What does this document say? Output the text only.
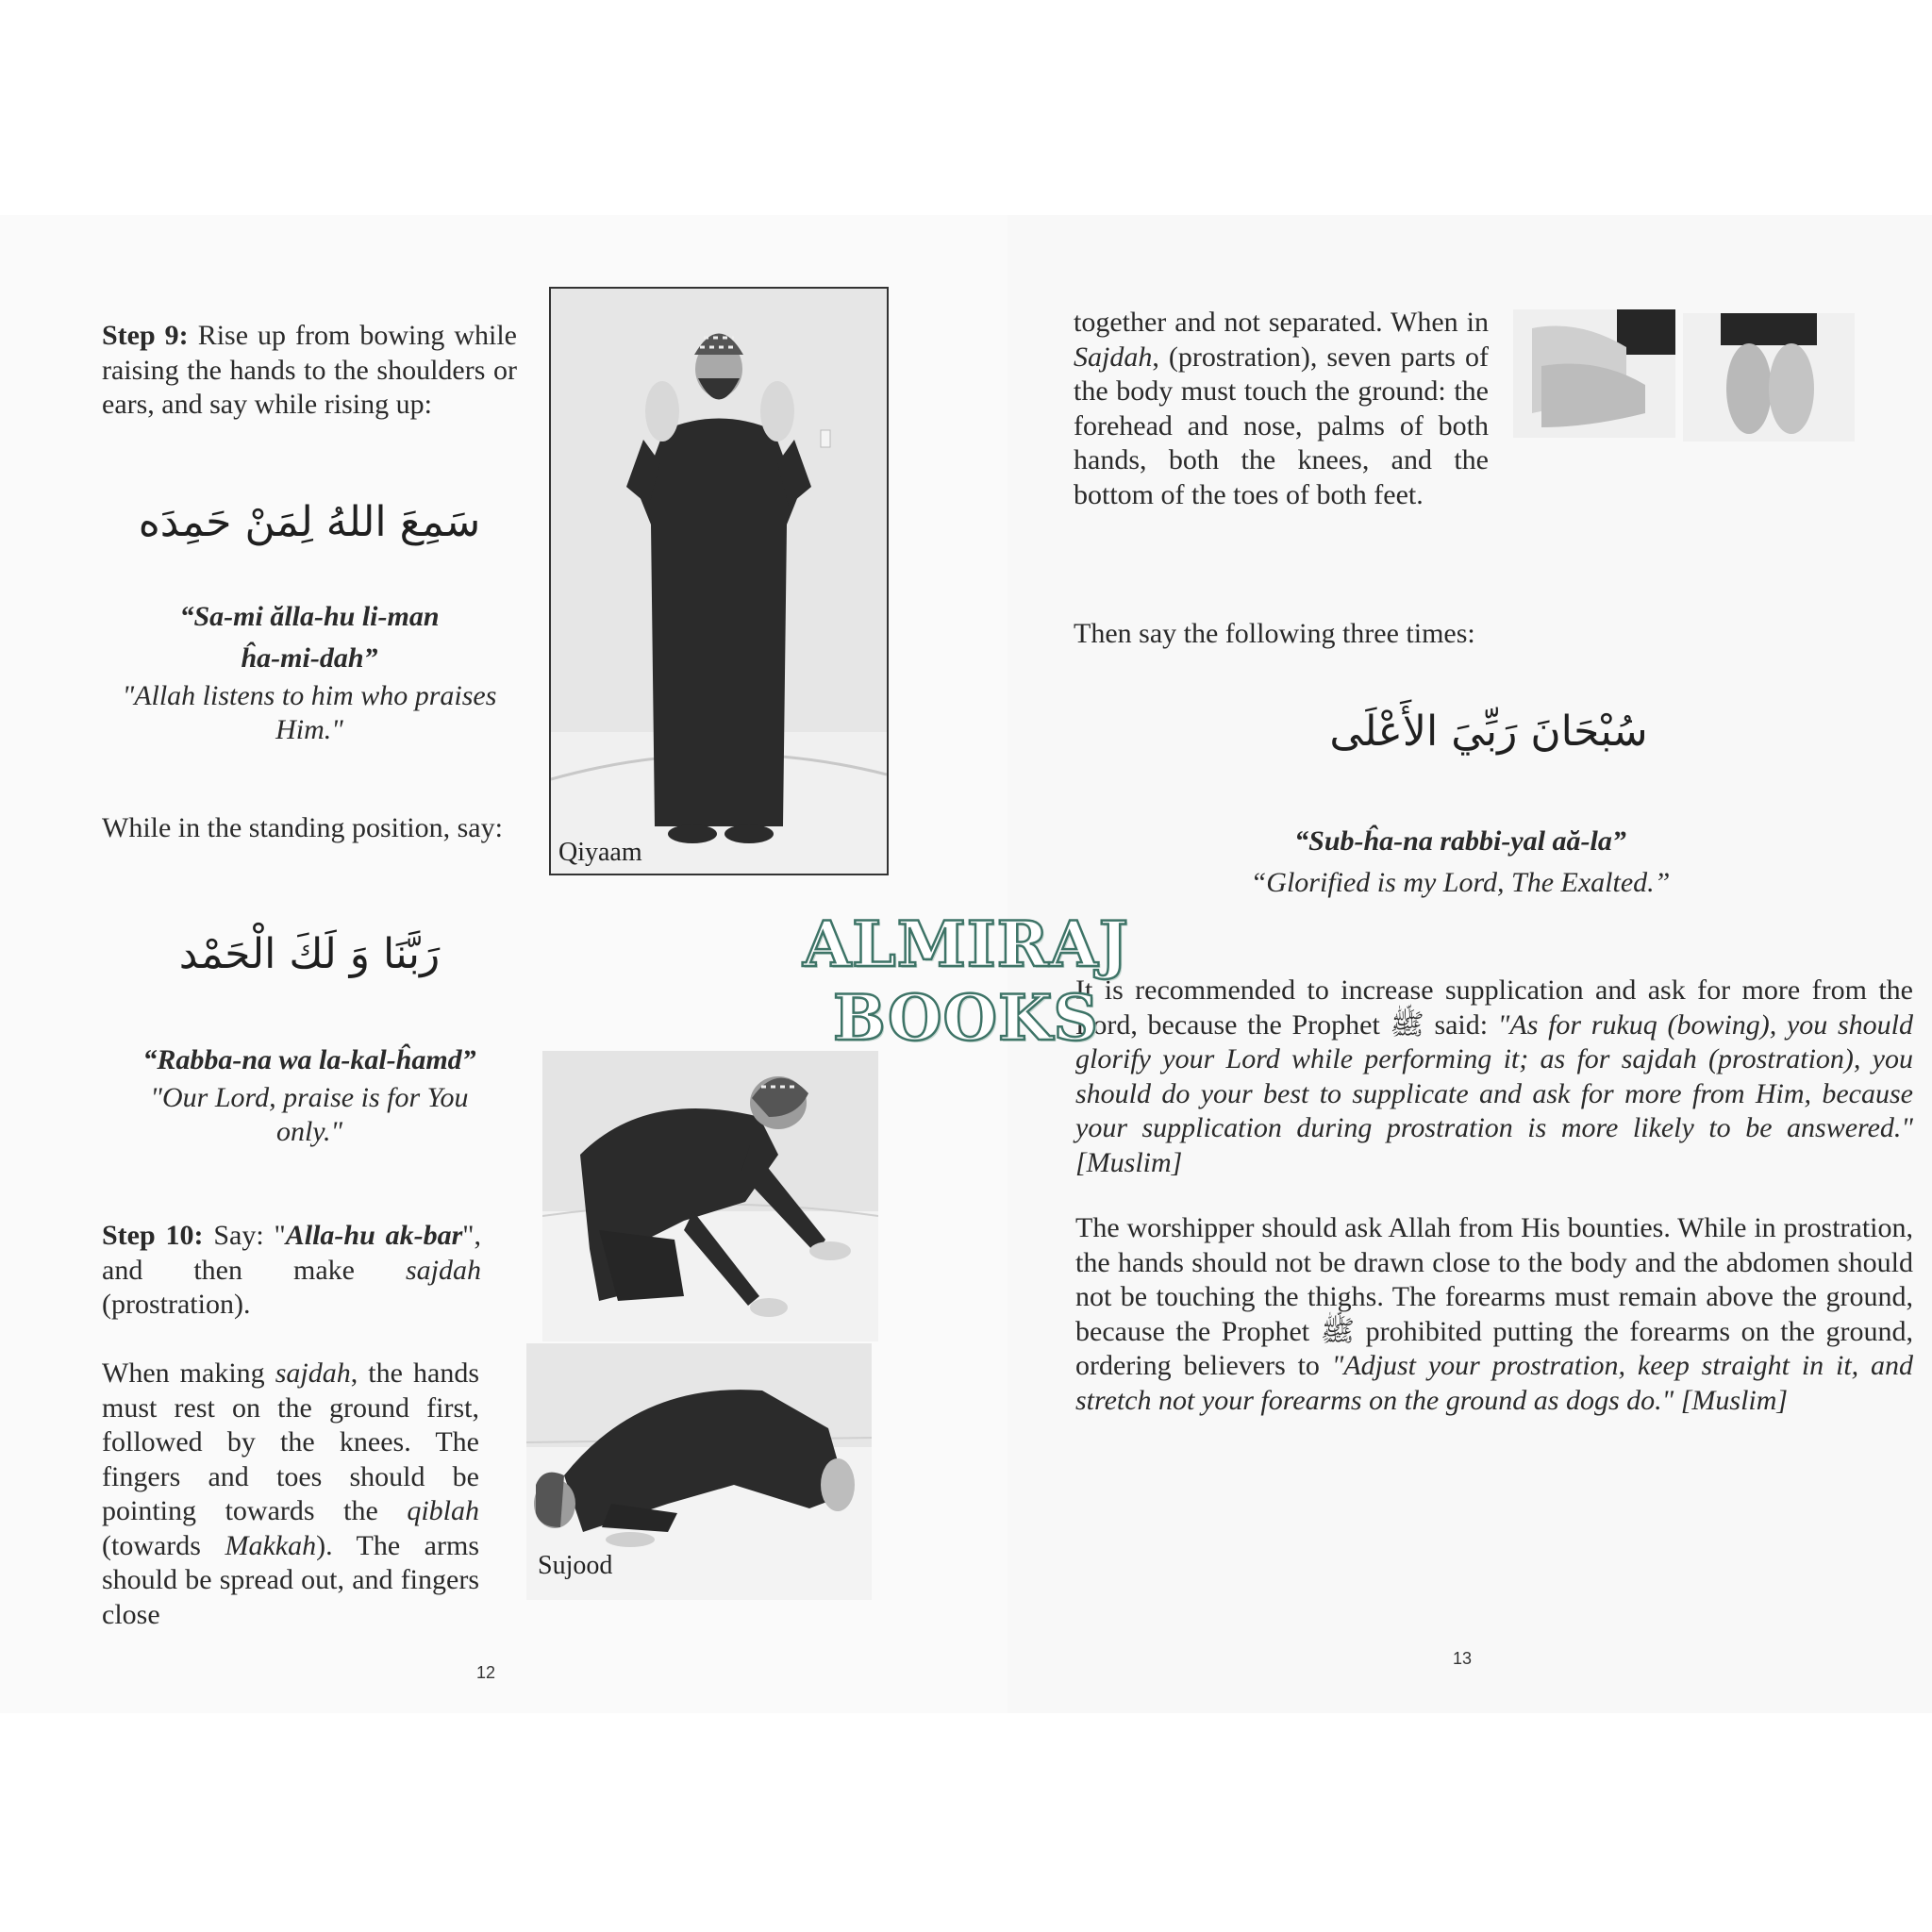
Step 9: Rise up from bowing while raising the hands to the shoulders or ears, and say while rising up:
سَمِعَ اللهُ لِمَنْ حَمِدَه
“Sa-mi ălla-hu li-man
ĥa-mi-dah”
"Allah listens to him who praises
Him."
While in the standing position, say:
رَبَّنَا وَ لَكَ الْحَمْد
“Rabba-na wa la-kal-ĥamd”
"Our Lord, praise is for You
only."
Step 10: Say: "Alla-hu ak-bar", and then make sajdah (prostration).
When making sajdah, the hands must rest on the ground first, followed by the knees. The fingers and toes should be pointing towards the qiblah (towards Makkah). The arms should be spread out, and fingers close
Qiyaam
Sujood
12
together and not separated. When in Sajdah, (prostration), seven parts of the body must touch the ground: the forehead and nose, palms of both hands, both the knees, and the bottom of the toes of both feet.
Then say the following three times:
سُبْحَانَ رَبِّيَ الأَعْلَى
“Sub-ĥa-na rabbi-yal aă-la”
“Glorified is my Lord, The Exalted.”
It is recommended to increase supplication and ask for more from the Lord, because the Prophet ﷺ said: "As for rukuq (bowing), you should glorify your Lord while performing it; as for sajdah (prostration), you should do your best to supplicate and ask for more from Him, because your supplication during prostration is more likely to be answered." [Muslim]
The worshipper should ask Allah from His bounties. While in prostration, the hands should not be drawn close to the body and the abdomen should not be touching the thighs. The forearms must remain above the ground, because the Prophet ﷺ prohibited putting the forearms on the ground, ordering believers to "Adjust your prostration, keep straight in it, and stretch not your forearms on the ground as dogs do." [Muslim]
13
ALMIRAJ BOOKS
